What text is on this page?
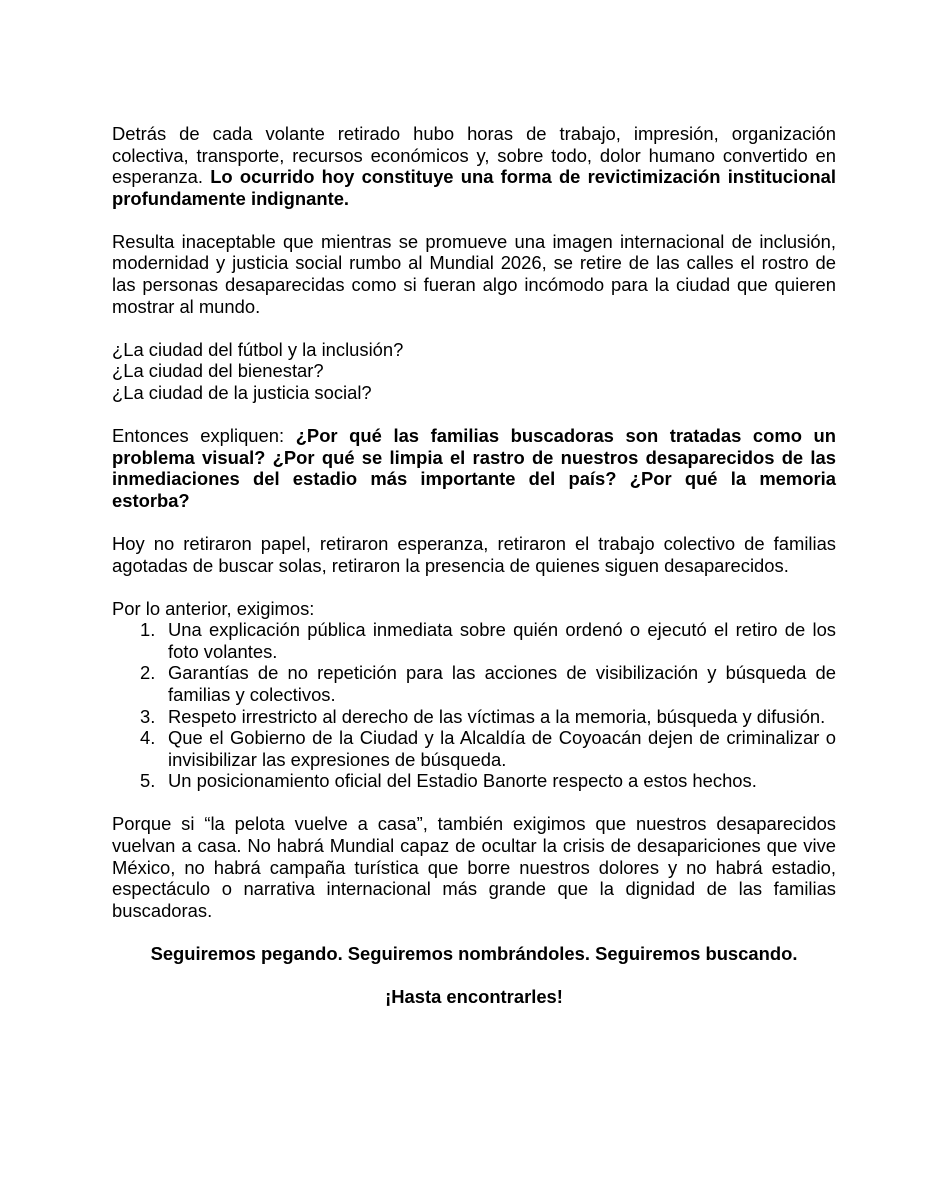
Detrás de cada volante retirado hubo horas de trabajo, impresión, organización colectiva, transporte, recursos económicos y, sobre todo, dolor humano convertido en esperanza. Lo ocurrido hoy constituye una forma de revictimización institucional profundamente indignante.

Resulta inaceptable que mientras se promueve una imagen internacional de inclusión, modernidad y justicia social rumbo al Mundial 2026, se retire de las calles el rostro de las personas desaparecidas como si fueran algo incómodo para la ciudad que quieren mostrar al mundo.

¿La ciudad del fútbol y la inclusión?
¿La ciudad del bienestar?
¿La ciudad de la justicia social?

Entonces expliquen: ¿Por qué las familias buscadoras son tratadas como un problema visual? ¿Por qué se limpia el rastro de nuestros desaparecidos de las inmediaciones del estadio más importante del país? ¿Por qué la memoria estorba?

Hoy no retiraron papel, retiraron esperanza, retiraron el trabajo colectivo de familias agotadas de buscar solas, retiraron la presencia de quienes siguen desaparecidos.

Por lo anterior, exigimos:

1. Una explicación pública inmediata sobre quién ordenó o ejecutó el retiro de los foto volantes.
2. Garantías de no repetición para las acciones de visibilización y búsqueda de familias y colectivos.
3. Respeto irrestricto al derecho de las víctimas a la memoria, búsqueda y difusión.
4. Que el Gobierno de la Ciudad y la Alcaldía de Coyoacán dejen de criminalizar o invisibilizar las expresiones de búsqueda.
5. Un posicionamiento oficial del Estadio Banorte respecto a estos hechos.

Porque si “la pelota vuelve a casa”, también exigimos que nuestros desaparecidos vuelvan a casa. No habrá Mundial capaz de ocultar la crisis de desapariciones que vive México, no habrá campaña turística que borre nuestros dolores y no habrá estadio, espectáculo o narrativa internacional más grande que la dignidad de las familias buscadoras.

Seguiremos pegando. Seguiremos nombrándoles. Seguiremos buscando.

¡Hasta encontrarles!
